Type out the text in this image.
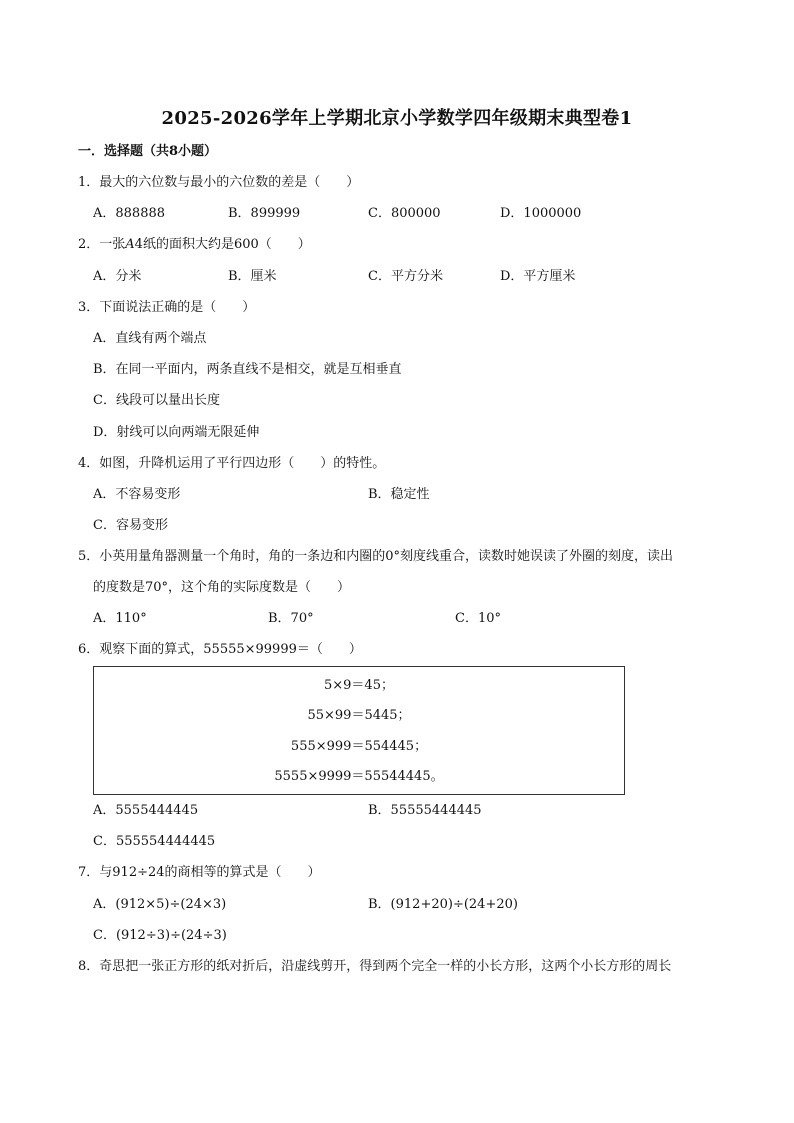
2025-2026学年上学期北京小学数学四年级期末典型卷1
一．选择题（共8小题）
1．最大的六位数与最小的六位数的差是（　　）
A．888888	B．899999	C．800000	D．1000000
2．一张A4纸的面积大约是600（　　）
A．分米	B．厘米	C．平方分米	D．平方厘米
3．下面说法正确的是（　　）
A．直线有两个端点
B．在同一平面内，两条直线不是相交，就是互相垂直
C．线段可以量出长度
D．射线可以向两端无限延伸
4．如图，升降机运用了平行四边形（　　）的特性。
A．不容易变形	B．稳定性
C．容易变形
5．小英用量角器测量一个角时，角的一条边和内圈的0°刻度线重合，读数时她误读了外圈的刻度，读出
的度数是70°，这个角的实际度数是（　　）
A．110°	B．70°	C．10°
6．观察下面的算式，55555×99999＝（　　）
5×9＝45；
55×99＝5445；
555×999＝554445；
5555×9999＝55544445。
A．5555444445	B．55555444445
C．555554444445
7．与912÷24的商相等的算式是（　　）
A．(912×5)÷(24×3)	B．(912+20)÷(24+20)
C．(912÷3)÷(24÷3)
8．奇思把一张正方形的纸对折后，沿虚线剪开，得到两个完全一样的小长方形，这两个小长方形的周长
